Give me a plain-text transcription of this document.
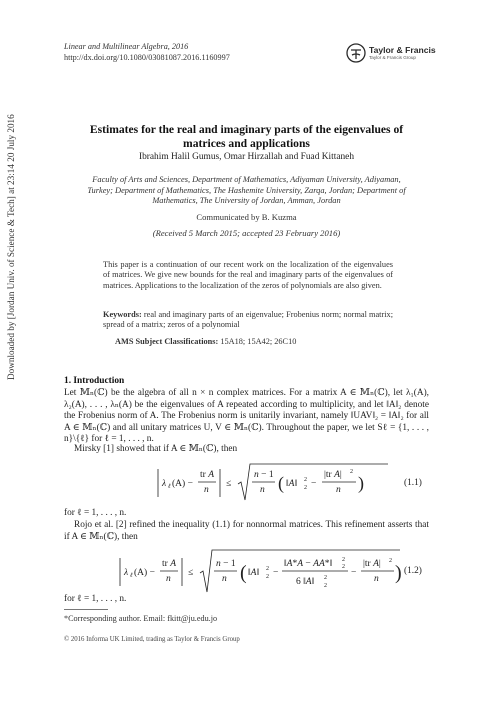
Linear and Multilinear Algebra, 2016
http://dx.doi.org/10.1080/03081087.2016.1160997
Taylor & Francis
Taylor & Francis Group
Downloaded by [Jordan Univ. of Science & Tech] at 23:14 20 July 2016	Estimates for the real and imaginary parts of the eigenvalues of
matrices and applications
Ibrahim Halil Gumus, Omar Hirzallah and Fuad Kittaneh
Faculty of Arts and Sciences, Department of Mathematics, Adiyaman University, Adiyaman,
Turkey; Department of Mathematics, The Hashemite University, Zarqa, Jordan; Department of
Mathematics, The University of Jordan, Amman, Jordan
Communicated by B. Kuzma
(Received 5 March 2015; accepted 23 February 2016)
This paper is a continuation of our recent work on the localization of the eigenvalues of matrices. We give new bounds for the real and imaginary parts of the eigenvalues of matrices. Applications to the localization of the zeros of polynomials are also given.
Keywords: real and imaginary parts of an eigenvalue; Frobenius norm; normal matrix; spread of a matrix; zeros of a polynomial
AMS Subject Classifications: 15A18; 15A42; 26C10
1. Introduction
Let 𝕄ₙ(ℂ) be the algebra of all n × n complex matrices. For a matrix A ∈ 𝕄ₙ(ℂ), let λ₁(A), λ₂(A), . . . , λₙ(A) be the eigenvalues of A repeated according to multiplicity, and let ‖A‖₂ denote the Frobenius norm of A. The Frobenius norm is unitarily invariant, namely ‖UAV‖₂ = ‖A‖₂ for all A ∈ 𝕄ₙ(ℂ) and all unitary matrices U, V ∈ 𝕄ₙ(ℂ). Throughout the paper, we let Sℓ = {1, . . . , n}\{ℓ} for ℓ = 1, . . . , n.
Mirsky [1] showed that if A ∈ 𝕄ₙ(ℂ), then
λ ℓ (A) −
tr A
n
≤
n − 1
n ( ‖A‖ 2
2 −
|tr A| 2
n )	(1.1)
for ℓ = 1, . . . , n.
Rojo et al. [2] refined the inequality (1.1) for nonnormal matrices. This refinement asserts that if A ∈ 𝕄ₙ(ℂ), then
λ ℓ (A) −
tr A
n
≤
n − 1
n ( ‖A‖ 2
2 −
‖A*A − AA*‖ 2
2
6 ‖A‖ 2
2
−
|tr A| 2
n ) (1.2)
for ℓ = 1, . . . , n.
*Corresponding author. Email: fkitt@ju.edu.jo
© 2016 Informa UK Limited, trading as Taylor & Francis Group
